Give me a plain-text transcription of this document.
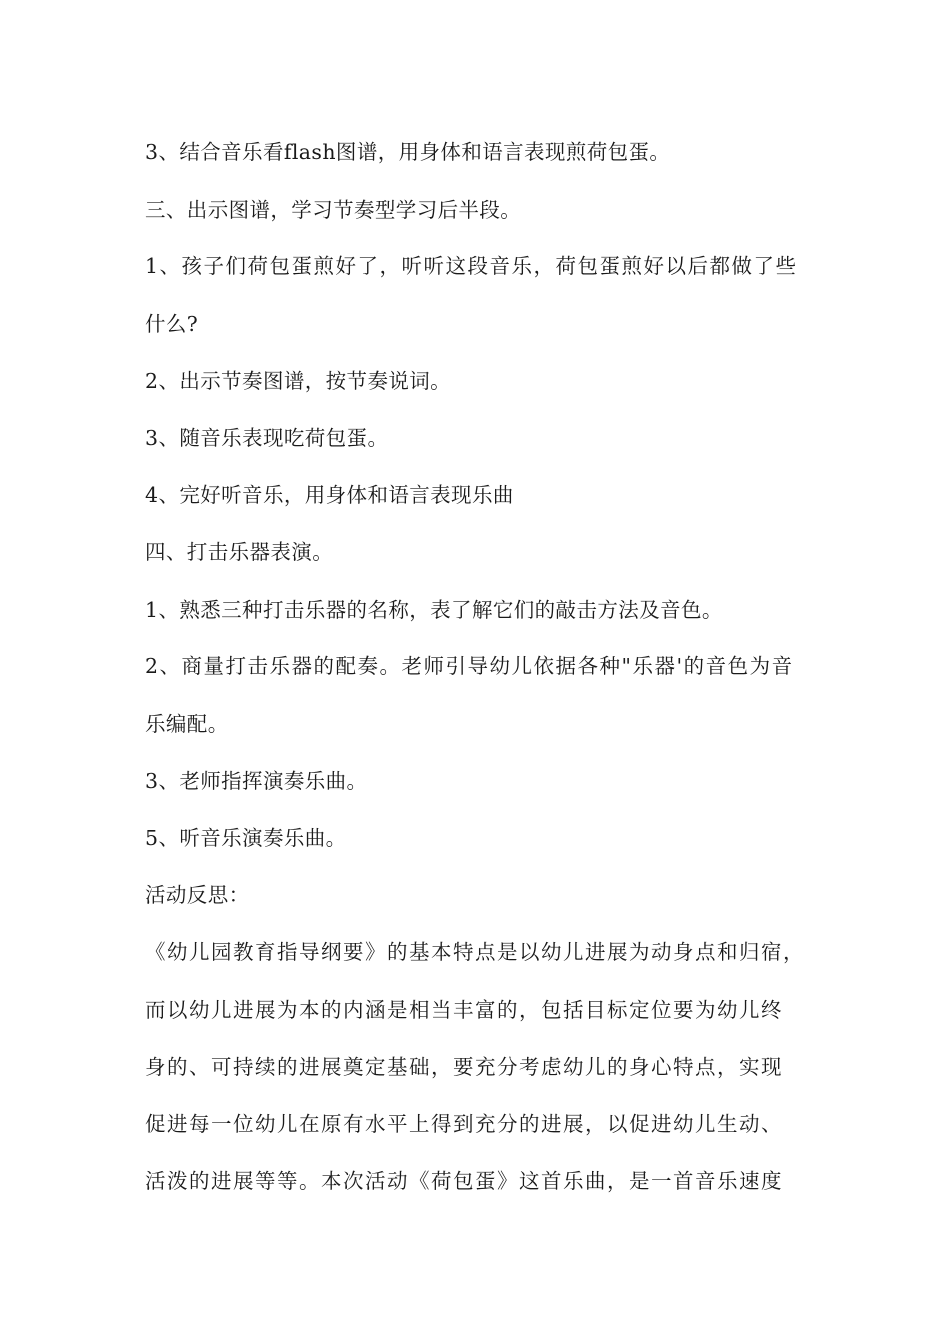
3、结合音乐看flash图谱，用身体和语言表现煎荷包蛋。
三、出示图谱，学习节奏型学习后半段。
1、孩子们荷包蛋煎好了，听听这段音乐，荷包蛋煎好以后都做了些
什么?
2、出示节奏图谱，按节奏说词。
3、随音乐表现吃荷包蛋。
4、完好听音乐，用身体和语言表现乐曲
四、打击乐器表演。
1、熟悉三种打击乐器的名称，表了解它们的敲击方法及音色。
2、商量打击乐器的配奏。老师引导幼儿依据各种"乐器'的音色为音
乐编配。
3、老师指挥演奏乐曲。
5、听音乐演奏乐曲。
活动反思：
《幼儿园教育指导纲要》的基本特点是以幼儿进展为动身点和归宿，
而以幼儿进展为本的内涵是相当丰富的，包括目标定位要为幼儿终
身的、可持续的进展奠定基础，要充分考虑幼儿的身心特点，实现
促进每一位幼儿在原有水平上得到充分的进展，以促进幼儿生动、
活泼的进展等等。本次活动《荷包蛋》这首乐曲，是一首音乐速度
